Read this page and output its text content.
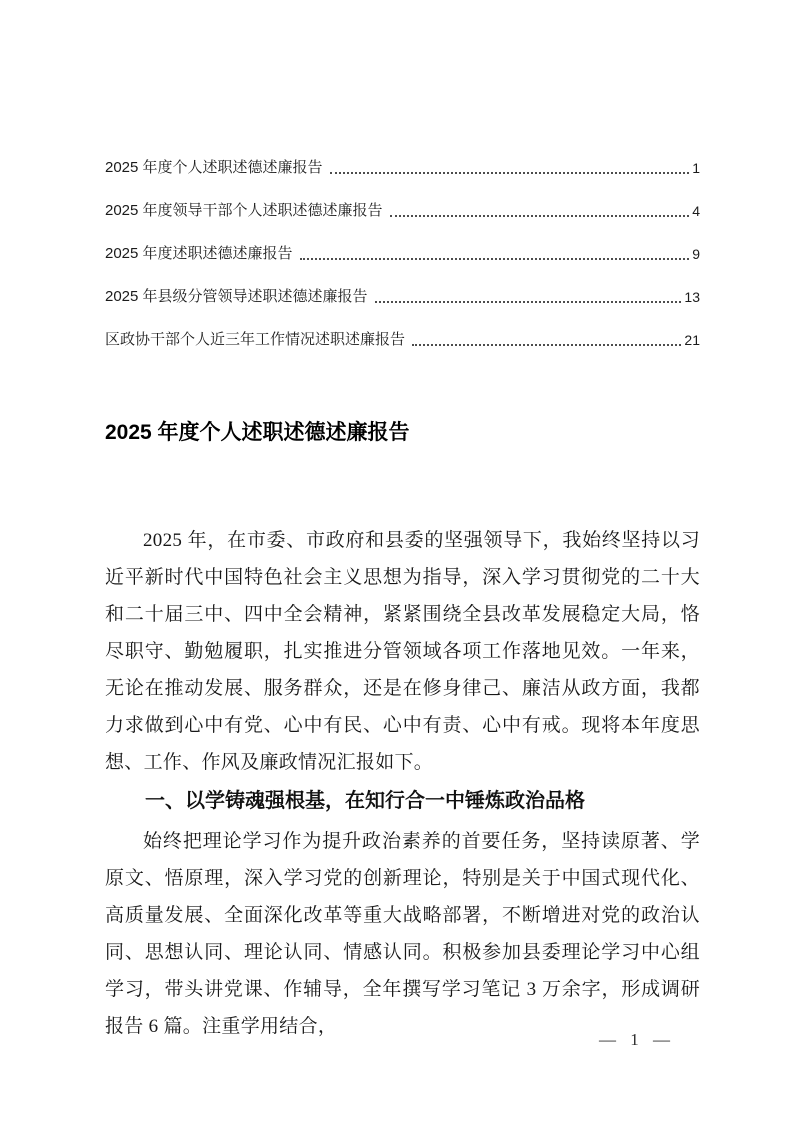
2025 年度个人述职述德述廉报告	1
2025 年度领导干部个人述职述德述廉报告	4
2025 年度述职述德述廉报告	9
2025 年县级分管领导述职述德述廉报告	13
区政协干部个人近三年工作情况述职述廉报告	21
2025 年度个人述职述德述廉报告

2025 年，在市委、市政府和县委的坚强领导下，我始终坚持以习近平新时代中国特色社会主义思想为指导，深入学习贯彻党的二十大和二十届三中、四中全会精神，紧紧围绕全县改革发展稳定大局，恪尽职守、勤勉履职，扎实推进分管领域各项工作落地见效。一年来，无论在推动发展、服务群众，还是在修身律己、廉洁从政方面，我都力求做到心中有党、心中有民、心中有责、心中有戒。现将本年度思想、工作、作风及廉政情况汇报如下。

一、以学铸魂强根基，在知行合一中锤炼政治品格

始终把理论学习作为提升政治素养的首要任务，坚持读原著、学原文、悟原理，深入学习党的创新理论，特别是关于中国式现代化、高质量发展、全面深化改革等重大战略部署，不断增进对党的政治认同、思想认同、理论认同、情感认同。积极参加县委理论学习中心组学习，带头讲党课、作辅导，全年撰写学习笔记 3 万余字，形成调研报告 6 篇。注重学用结合，

— 1 —
